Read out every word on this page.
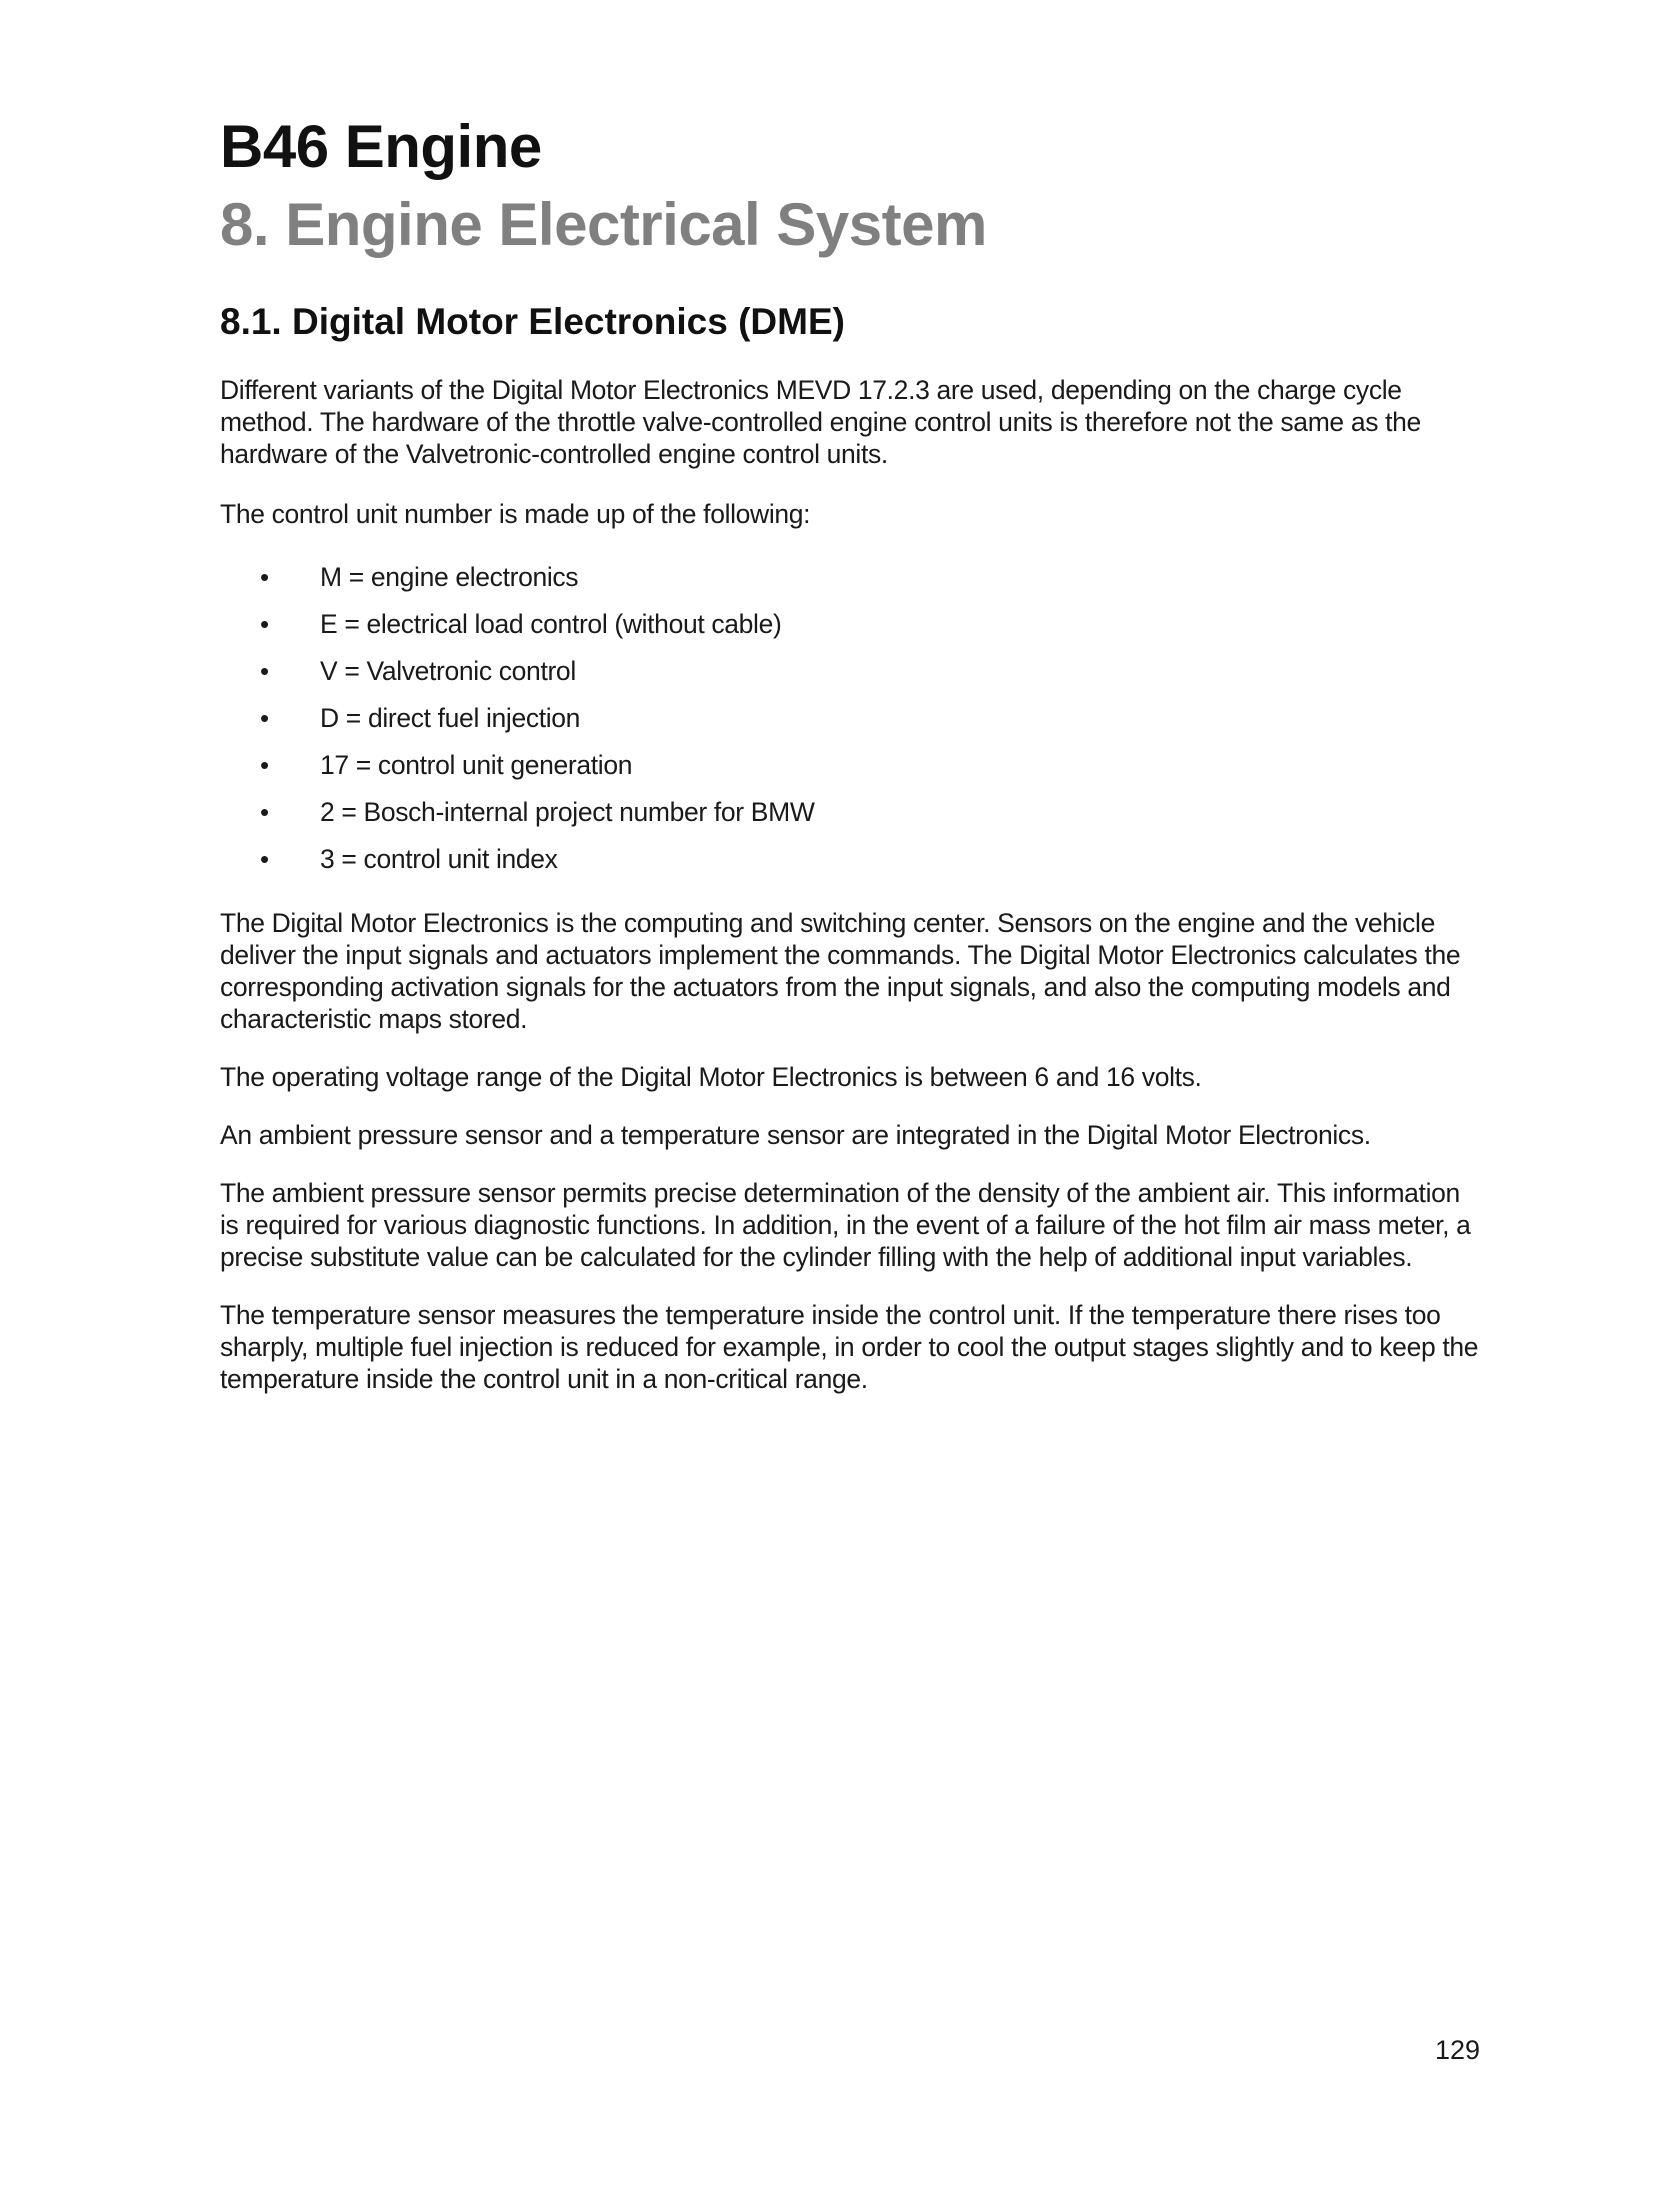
B46 Engine
8. Engine Electrical System
8.1. Digital Motor Electronics (DME)

Different variants of the Digital Motor Electronics MEVD 17.2.3 are used, depending on the charge cycle method. The hardware of the throttle valve-controlled engine control units is therefore not the same as the hardware of the Valvetronic-controlled engine control units.

The control unit number is made up of the following:

• M = engine electronics
• E = electrical load control (without cable)
• V = Valvetronic control
• D = direct fuel injection
• 17 = control unit generation
• 2 = Bosch-internal project number for BMW
• 3 = control unit index

The Digital Motor Electronics is the computing and switching center. Sensors on the engine and the vehicle deliver the input signals and actuators implement the commands. The Digital Motor Electronics calculates the corresponding activation signals for the actuators from the input signals, and also the computing models and characteristic maps stored.

The operating voltage range of the Digital Motor Electronics is between 6 and 16 volts.

An ambient pressure sensor and a temperature sensor are integrated in the Digital Motor Electronics.

The ambient pressure sensor permits precise determination of the density of the ambient air. This information is required for various diagnostic functions. In addition, in the event of a failure of the hot film air mass meter, a precise substitute value can be calculated for the cylinder filling with the help of additional input variables.

The temperature sensor measures the temperature inside the control unit. If the temperature there rises too sharply, multiple fuel injection is reduced for example, in order to cool the output stages slightly and to keep the temperature inside the control unit in a non-critical range.

129
